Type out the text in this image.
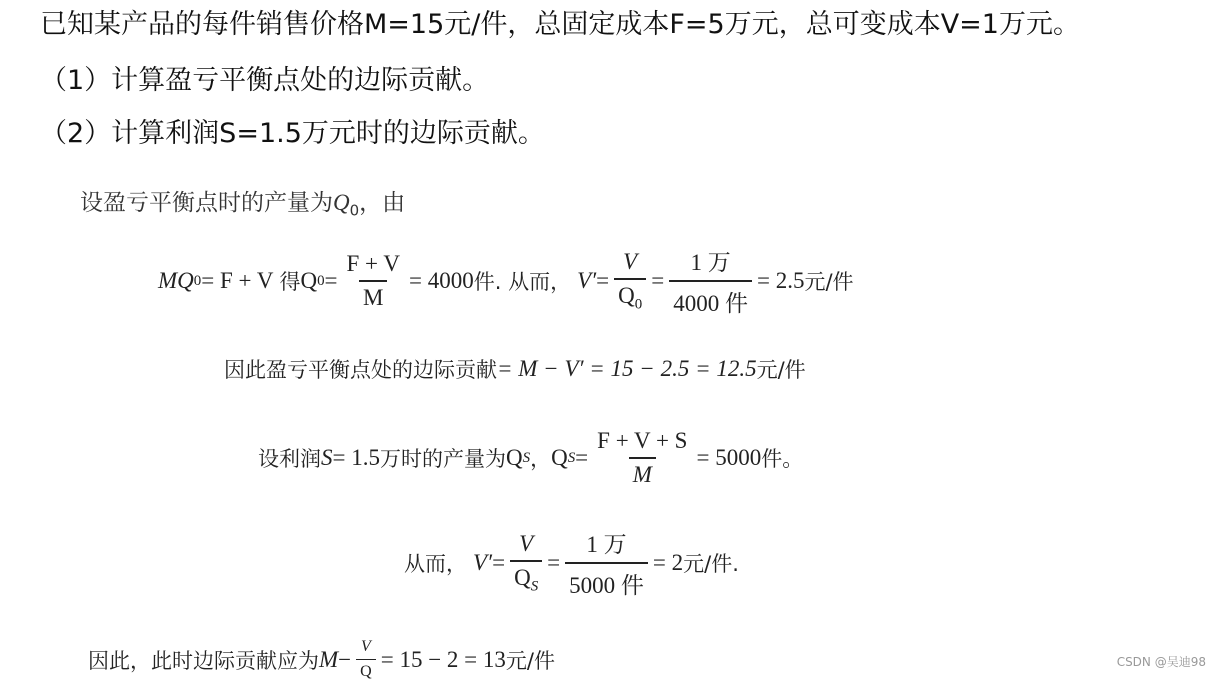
已知某产品的每件销售价格M=15元/件，总固定成本F=5万元，总可变成本V=1万元。
（1）计算盈亏平衡点处的边际贡献。
（2）计算利润S=1.5万元时的边际贡献。
设盈亏平衡点时的产量为$Q_0$，由
MQ 0 = F + V 得 Q $0 = \frac{F + V}{M} = 4000$ 件 . 从而， $V' = \frac{V}{Q_0} = \frac{\text{1 万}}{\text{4000 件}} = 2.5$ 元/件
因此盈亏平衡点处的边际贡献 = M − V′ = 15 − 2.5 = 12.5 元/件
设利润 S = 1.5 万时的产量为 Q S ， Q $S = \frac{F + V + S}{M} = 5000$ 件。
从而， $V' = \frac{V}{Q_S} = \frac{\text{1 万}}{\text{5000 件}} = 2$ 元/件.
因此，此时边际贡献应为 $M - \frac{V}{Q} = 15 - 2 = 13$ 元/件	CSDN @吴迪98
